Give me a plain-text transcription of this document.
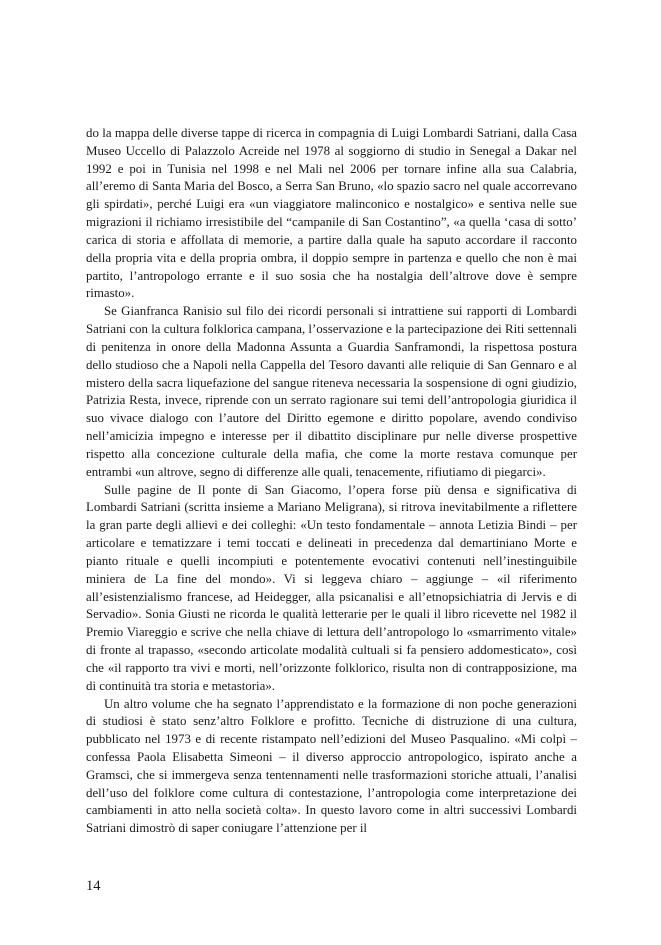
do la mappa delle diverse tappe di ricerca in compagnia di Luigi Lombardi Satriani, dalla Casa Museo Uccello di Palazzolo Acreide nel 1978 al soggiorno di studio in Senegal a Dakar nel 1992 e poi in Tunisia nel 1998 e nel Mali nel 2006 per tornare infine alla sua Calabria, all’eremo di Santa Maria del Bosco, a Serra San Bruno, «lo spazio sacro nel quale accorrevano gli spirdati», perché Luigi era «un viaggiatore malinconico e nostalgico» e sentiva nelle sue migrazioni il richiamo irresistibile del “campanile di San Costantino”, «a quella ‘casa di sotto’ carica di storia e affollata di memorie, a partire dalla quale ha saputo accordare il racconto della propria vita e della propria ombra, il doppio sempre in partenza e quello che non è mai partito, l’antropologo errante e il suo sosia che ha nostalgia dell’altrove dove è sempre rimasto».

Se Gianfranca Ranisio sul filo dei ricordi personali si intrattiene sui rapporti di Lombardi Satriani con la cultura folklorica campana, l’osservazione e la partecipazione dei Riti settennali di penitenza in onore della Madonna Assunta a Guardia Sanframondi, la rispettosa postura dello studioso che a Napoli nella Cappella del Tesoro davanti alle reliquie di San Gennaro e al mistero della sacra liquefazione del sangue riteneva necessaria la sospensione di ogni giudizio, Patrizia Resta, invece, riprende con un serrato ragionare sui temi dell’antropologia giuridica il suo vivace dialogo con l’autore del Diritto egemone e diritto popolare, avendo condiviso nell’amicizia impegno e interesse per il dibattito disciplinare pur nelle diverse prospettive rispetto alla concezione culturale della mafia, che come la morte restava comunque per entrambi «un altrove, segno di differenze alle quali, tenacemente, rifiutiamo di piegarci».

Sulle pagine de Il ponte di San Giacomo, l’opera forse più densa e significativa di Lombardi Satriani (scritta insieme a Mariano Meligrana), si ritrova inevitabilmente a riflettere la gran parte degli allievi e dei colleghi: «Un testo fondamentale – annota Letizia Bindi – per articolare e tematizzare i temi toccati e delineati in precedenza dal demartiniano Morte e pianto rituale e quelli incompiuti e potentemente evocativi contenuti nell’inestinguibile miniera de La fine del mondo». Vi si leggeva chiaro – aggiunge – «il riferimento all’esistenzialismo francese, ad Heidegger, alla psicanalisi e all’etnopsichiatria di Jervis e di Servadio». Sonia Giusti ne ricorda le qualità letterarie per le quali il libro ricevette nel 1982 il Premio Viareggio e scrive che nella chiave di lettura dell’antropologo lo «smarrimento vitale» di fronte al trapasso, «secondo articolate modalità cultuali si fa pensiero addomesticato», così che «il rapporto tra vivi e morti, nell’orizzonte folklorico, risulta non di contrapposizione, ma di continuità tra storia e metastoria».

Un altro volume che ha segnato l’apprendistato e la formazione di non poche generazioni di studiosi è stato senz’altro Folklore e profitto. Tecniche di distruzione di una cultura, pubblicato nel 1973 e di recente ristampato nell’edizioni del Museo Pasqualino. «Mi colpì – confessa Paola Elisabetta Simeoni – il diverso approccio antropologico, ispirato anche a Gramsci, che si immergeva senza tentennamenti nelle trasformazioni storiche attuali, l’analisi dell’uso del folklore come cultura di contestazione, l’antropologia come interpretazione dei cambiamenti in atto nella società colta». In questo lavoro come in altri successivi Lombardi Satriani dimostrò di saper coniugare l’attenzione per il

14
